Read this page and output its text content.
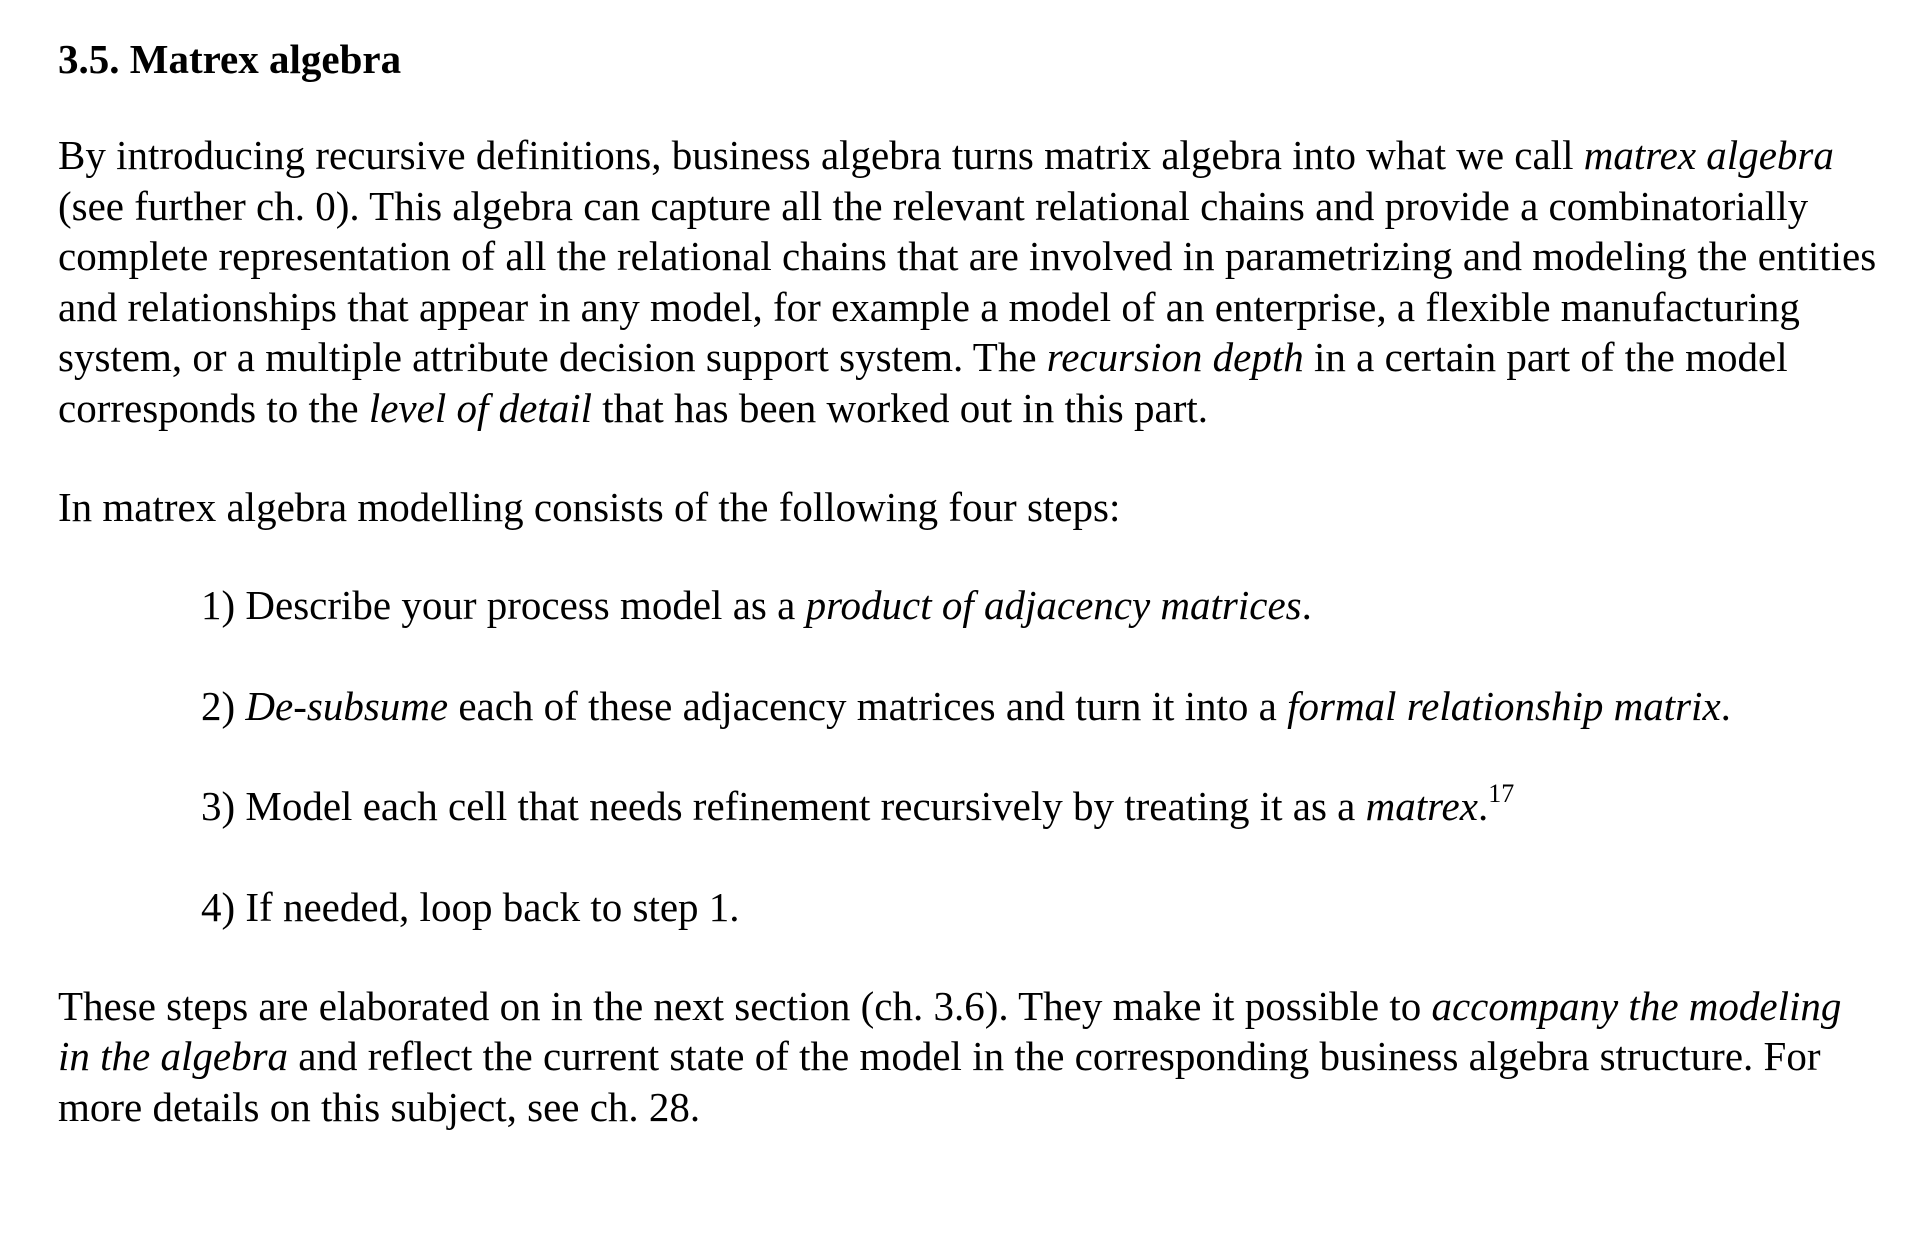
3.5. Matrex algebra

By introducing recursive definitions, business algebra turns matrix algebra into what we call matrex algebra (see further ch. 0). This algebra can capture all the relevant relational chains and provide a combinatorially complete representation of all the relational chains that are involved in parametrizing and modeling the entities and relationships that appear in any model, for example a model of an enterprise, a flexible manufacturing system, or a multiple attribute decision support system. The recursion depth in a certain part of the model corresponds to the level of detail that has been worked out in this part.

In matrex algebra modelling consists of the following four steps:

1) Describe your process model as a product of adjacency matrices.
2) De-subsume each of these adjacency matrices and turn it into a formal relationship matrix.
3) Model each cell that needs refinement recursively by treating it as a matrex.$^{17}$
4) If needed, loop back to step 1.

These steps are elaborated on in the next section (ch. 3.6). They make it possible to accompany the modeling in the algebra and reflect the current state of the model in the corresponding business algebra structure. For more details on this subject, see ch. 28.
